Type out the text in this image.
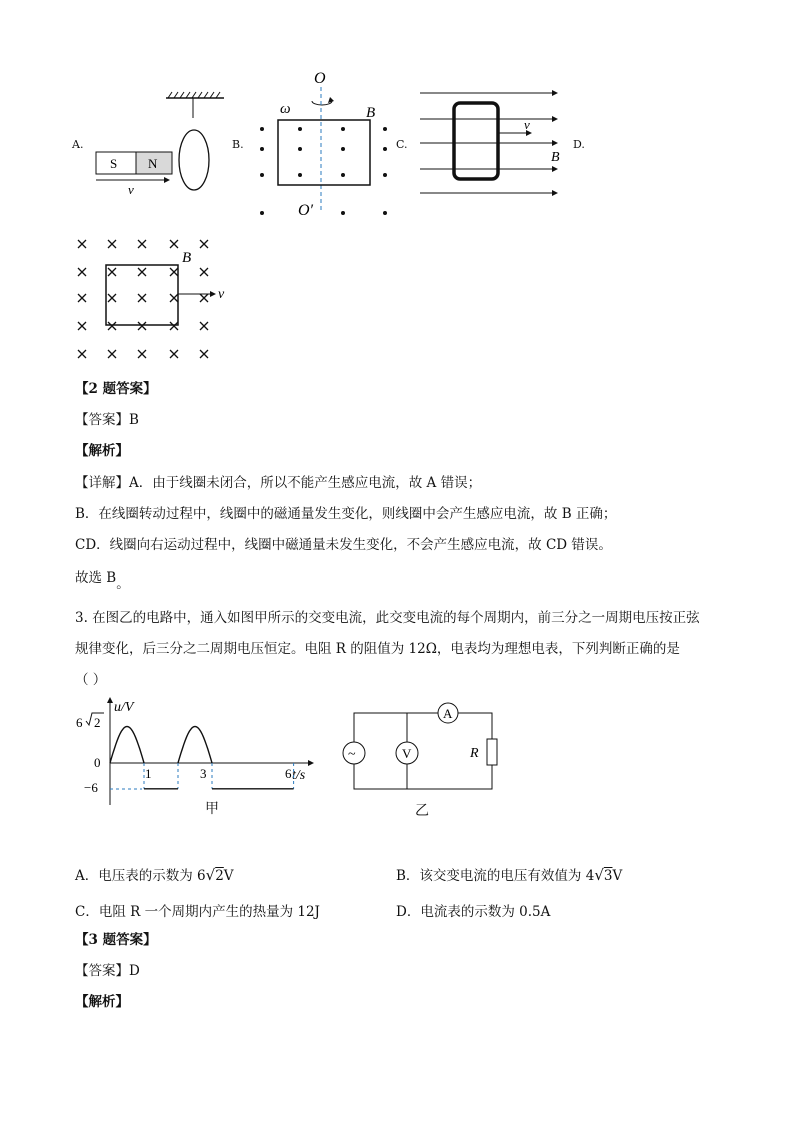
A.	B.	C.	D.
S N
v
O
ω	B
O′
v
B
v
B
【2 题答案】
【答案】B
【解析】
【详解】A．由于线圈未闭合，所以不能产生感应电流，故 A 错误；
B．在线圈转动过程中，线圈中的磁通量发生变化，则线圈中会产生感应电流，故 B 正确；
CD．线圈向右运动过程中，线圈中磁通量未发生变化，不会产生感应电流，故 CD 错误。
故选 B。
3. 在图乙的电路中，通入如图甲所示的交变电流，此交变电流的每个周期内，前三分之一周期电压按正弦
规律变化，后三分之二周期电压恒定。电阻 R 的阻值为 12Ω，电表均为理想电表，下列判断正确的是
（ ）
u/V
t/s
6 2
0
−6
1	3	6
甲
A
~	V	R
乙
A．电压表的示数为 6√2V	B．该交变电流的电压有效值为 4√3V
C．电阻 R 一个周期内产生的热量为 12J	D．电流表的示数为 0.5A
【3 题答案】
【答案】D
【解析】
